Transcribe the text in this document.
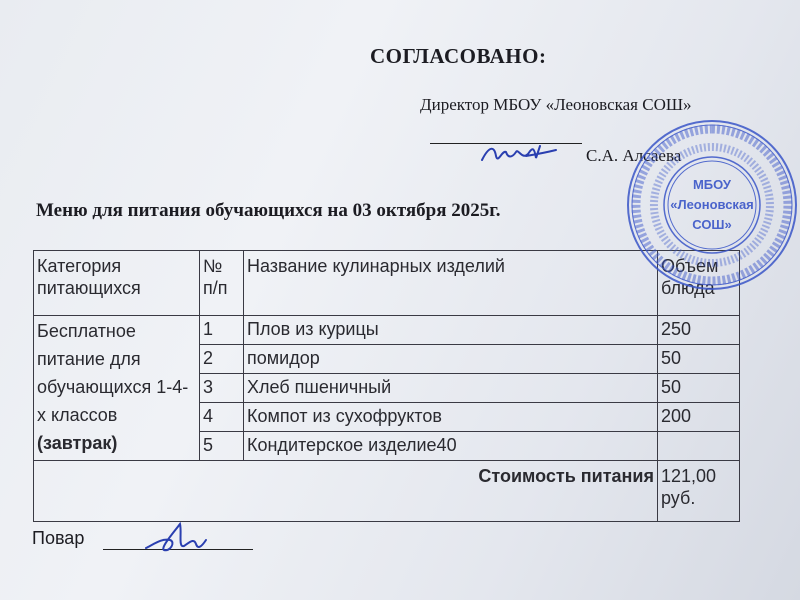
СОГЛАСОВАНО:
Директор МБОУ «Леоновская СОШ»
С.А. Алсаева
Меню для питания обучающихся на 03 октября 2025г.
Категория питающихся	№ п/п	Название кулинарных изделий	Объем блюда
Бесплатное питание для обучающихся 1-4-х классов (завтрак)	1	Плов из курицы	250
	2	помидор	50
	3	Хлеб пшеничный	50
	4	Компот из сухофруктов	200
	5	Кондитерское изделие40	
Стоимость питания			121,00 руб.
Повар
МБОУ
«Леоновская
СОШ»
